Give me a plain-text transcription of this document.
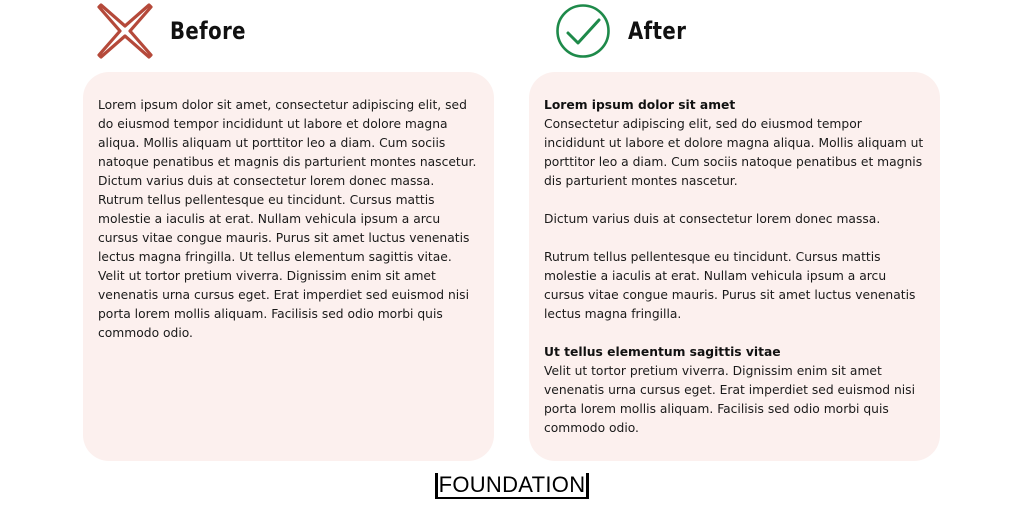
Before	After

Lorem ipsum dolor sit amet, consectetur adipiscing elit, sed do eiusmod tempor incididunt ut labore et dolore magna aliqua. Mollis aliquam ut porttitor leo a diam. Cum sociis natoque penatibus et magnis dis parturient montes nascetur. Dictum varius duis at consectetur lorem donec massa. Rutrum tellus pellentesque eu tincidunt. Cursus mattis molestie a iaculis at erat. Nullam vehicula ipsum a arcu cursus vitae congue mauris. Purus sit amet luctus venenatis lectus magna fringilla. Ut tellus elementum sagittis vitae. Velit ut tortor pretium viverra. Dignissim enim sit amet venenatis urna cursus eget. Erat imperdiet sed euismod nisi porta lorem mollis aliquam. Facilisis sed odio morbi quis commodo odio.

Lorem ipsum dolor sit amet
Consectetur adipiscing elit, sed do eiusmod tempor incididunt ut labore et dolore magna aliqua. Mollis aliquam ut porttitor leo a diam. Cum sociis natoque penatibus et magnis dis parturient montes nascetur.
Dictum varius duis at consectetur lorem donec massa.
Rutrum tellus pellentesque eu tincidunt. Cursus mattis molestie a iaculis at erat. Nullam vehicula ipsum a arcu cursus vitae congue mauris. Purus sit amet luctus venenatis lectus magna fringilla.
Ut tellus elementum sagittis vitae
Velit ut tortor pretium viverra. Dignissim enim sit amet venenatis urna cursus eget. Erat imperdiet sed euismod nisi porta lorem mollis aliquam. Facilisis sed odio morbi quis commodo odio.
FOUNDATION
